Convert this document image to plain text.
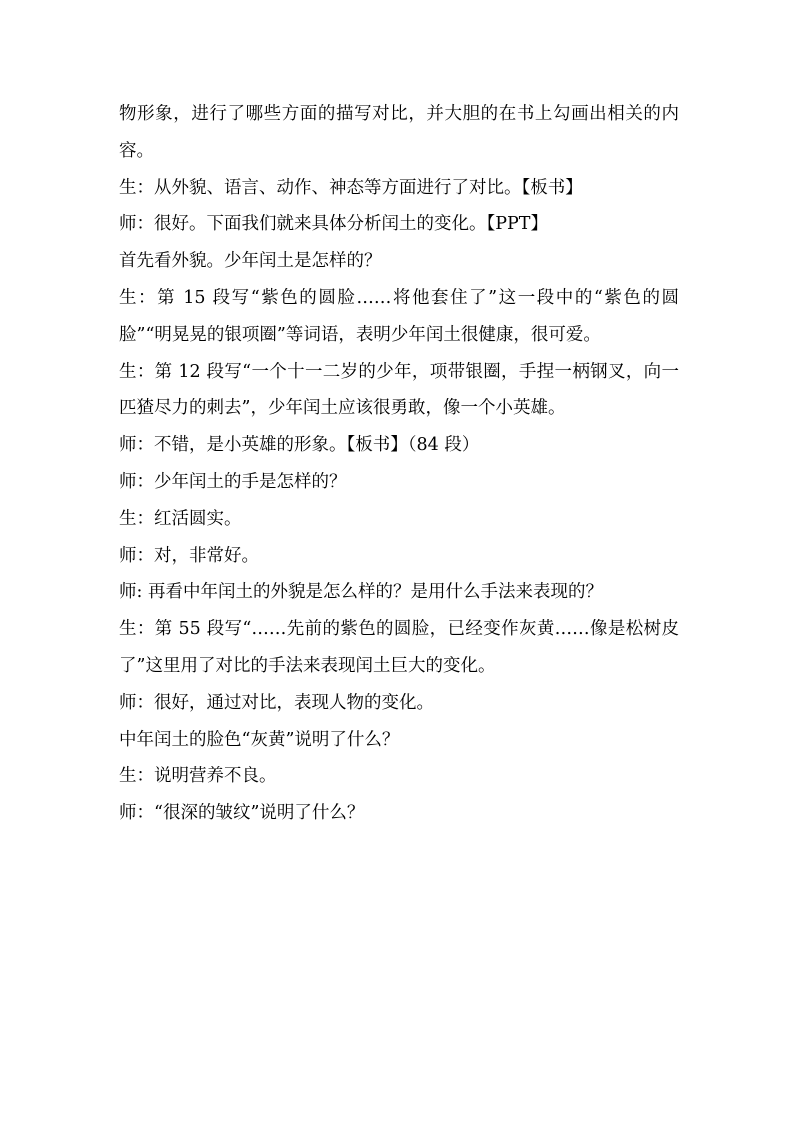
物形象，进行了哪些方面的描写对比，并大胆的在书上勾画出相关的内容。

生：从外貌、语言、动作、神态等方面进行了对比。【板书】

师：很好。下面我们就来具体分析闰土的变化。【PPT】

首先看外貌。少年闰土是怎样的？

生：第 15 段写“紫色的圆脸……将他套住了”这一段中的“紫色的圆脸”“明晃晃的银项圈”等词语，表明少年闰土很健康，很可爱。

生：第 12 段写“一个十一二岁的少年，项带银圈，手捏一柄钢叉，向一匹猹尽力的刺去”，少年闰土应该很勇敢，像一个小英雄。

师：不错，是小英雄的形象。【板书】（84 段）

师：少年闰土的手是怎样的？

生：红活圆实。

师：对，非常好。

师: 再看中年闰土的外貌是怎么样的？是用什么手法来表现的？

生：第 55 段写“……先前的紫色的圆脸，已经变作灰黄……像是松树皮了”这里用了对比的手法来表现闰土巨大的变化。

师：很好，通过对比，表现人物的变化。

中年闰土的脸色“灰黄”说明了什么？

生：说明营养不良。

师：“很深的皱纹”说明了什么？
